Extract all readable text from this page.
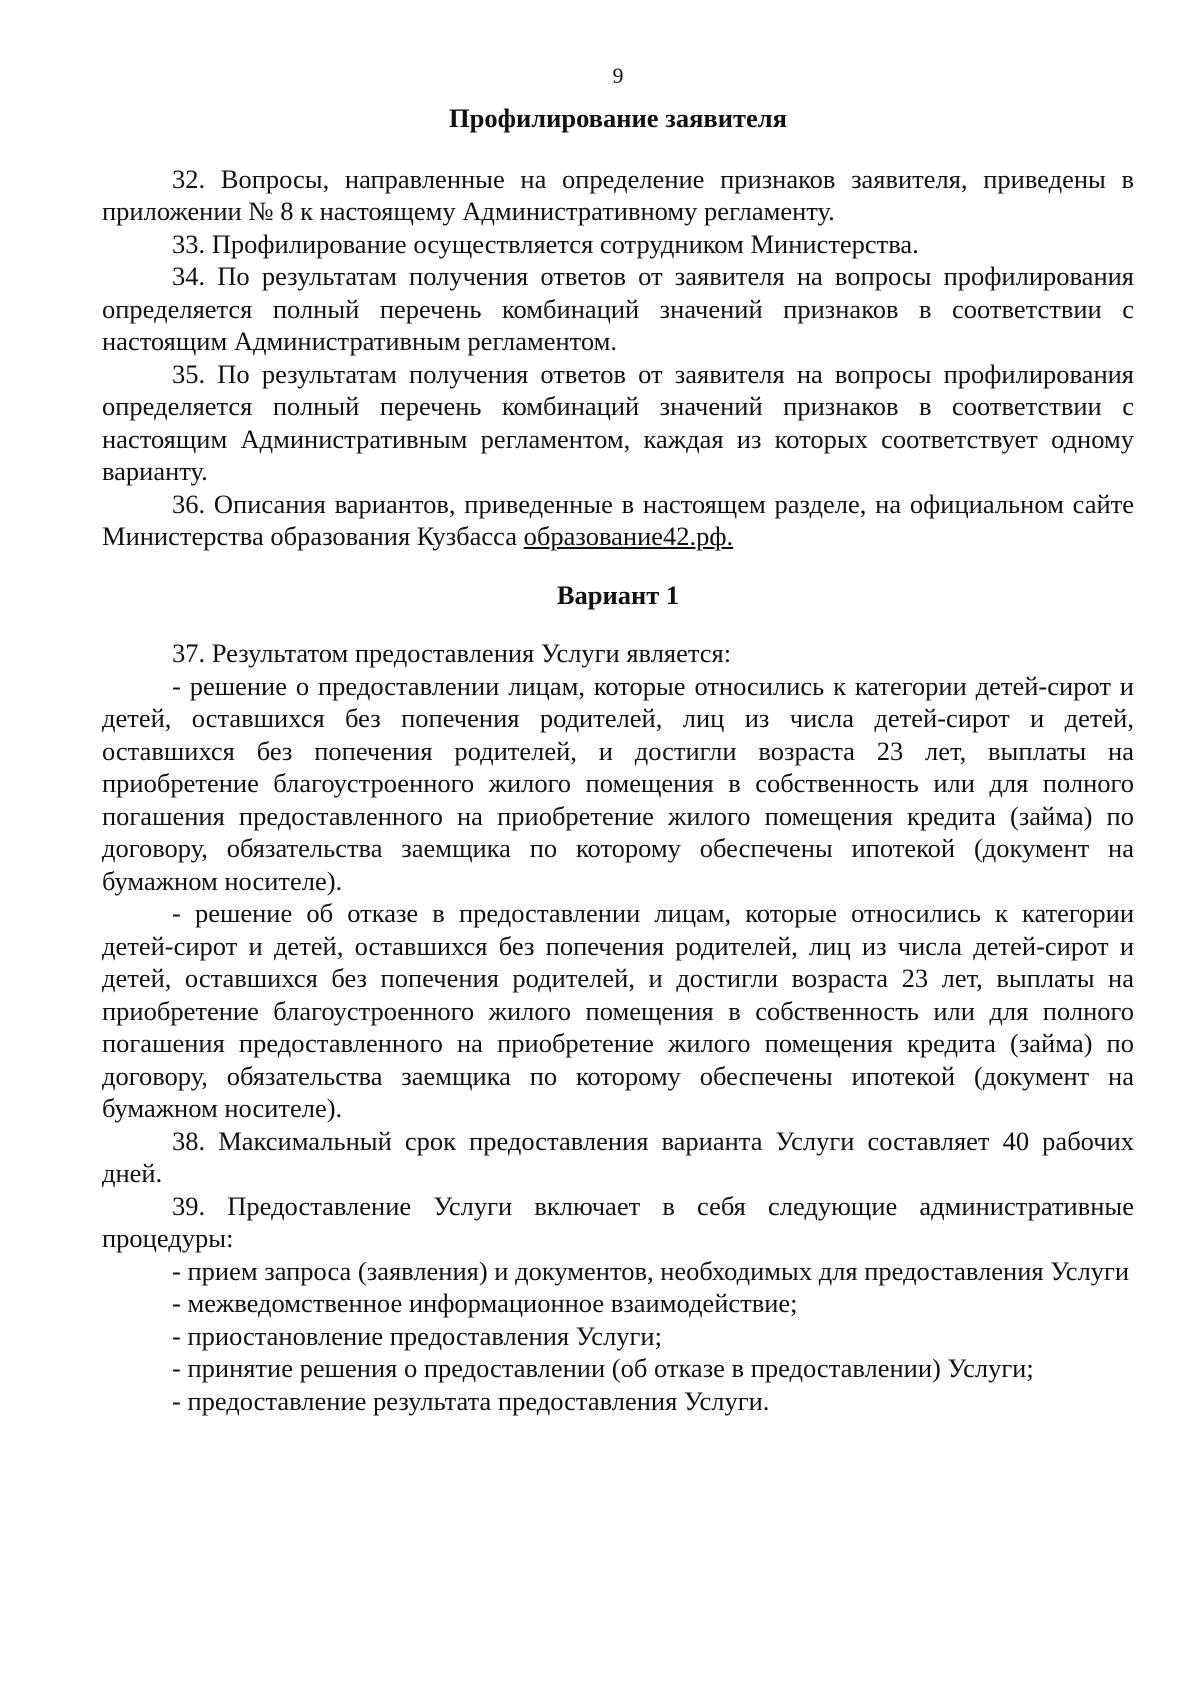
9
Профилирование заявителя

32. Вопросы, направленные на определение признаков заявителя, приведены в приложении № 8 к настоящему Административному регламенту.

33. Профилирование осуществляется сотрудником Министерства.

34. По результатам получения ответов от заявителя на вопросы профилирования определяется полный перечень комбинаций значений признаков в соответствии с настоящим Административным регламентом.

35. По результатам получения ответов от заявителя на вопросы профилирования определяется полный перечень комбинаций значений признаков в соответствии с настоящим Административным регламентом, каждая из которых соответствует одному варианту.

36. Описания вариантов, приведенные в настоящем разделе, на официальном сайте Министерства образования Кузбасса образование42.рф.

Вариант 1

37. Результатом предоставления Услуги является:

- решение о предоставлении лицам, которые относились к категории детей-сирот и детей, оставшихся без попечения родителей, лиц из числа детей-сирот и детей, оставшихся без попечения родителей, и достигли возраста 23 лет, выплаты на приобретение благоустроенного жилого помещения в собственность или для полного погашения предоставленного на приобретение жилого помещения кредита (займа) по договору, обязательства заемщика по которому обеспечены ипотекой (документ на бумажном носителе).

- решение об отказе в предоставлении лицам, которые относились к категории детей-сирот и детей, оставшихся без попечения родителей, лиц из числа детей-сирот и детей, оставшихся без попечения родителей, и достигли возраста 23 лет, выплаты на приобретение благоустроенного жилого помещения в собственность или для полного погашения предоставленного на приобретение жилого помещения кредита (займа) по договору, обязательства заемщика по которому обеспечены ипотекой (документ на бумажном носителе).

38. Максимальный срок предоставления варианта Услуги составляет 40 рабочих дней.

39. Предоставление Услуги включает в себя следующие административные процедуры:

- прием запроса (заявления) и документов, необходимых для предоставления Услуги

- межведомственное информационное взаимодействие;

- приостановление предоставления Услуги;

- принятие решения о предоставлении (об отказе в предоставлении) Услуги;

- предоставление результата предоставления Услуги.
